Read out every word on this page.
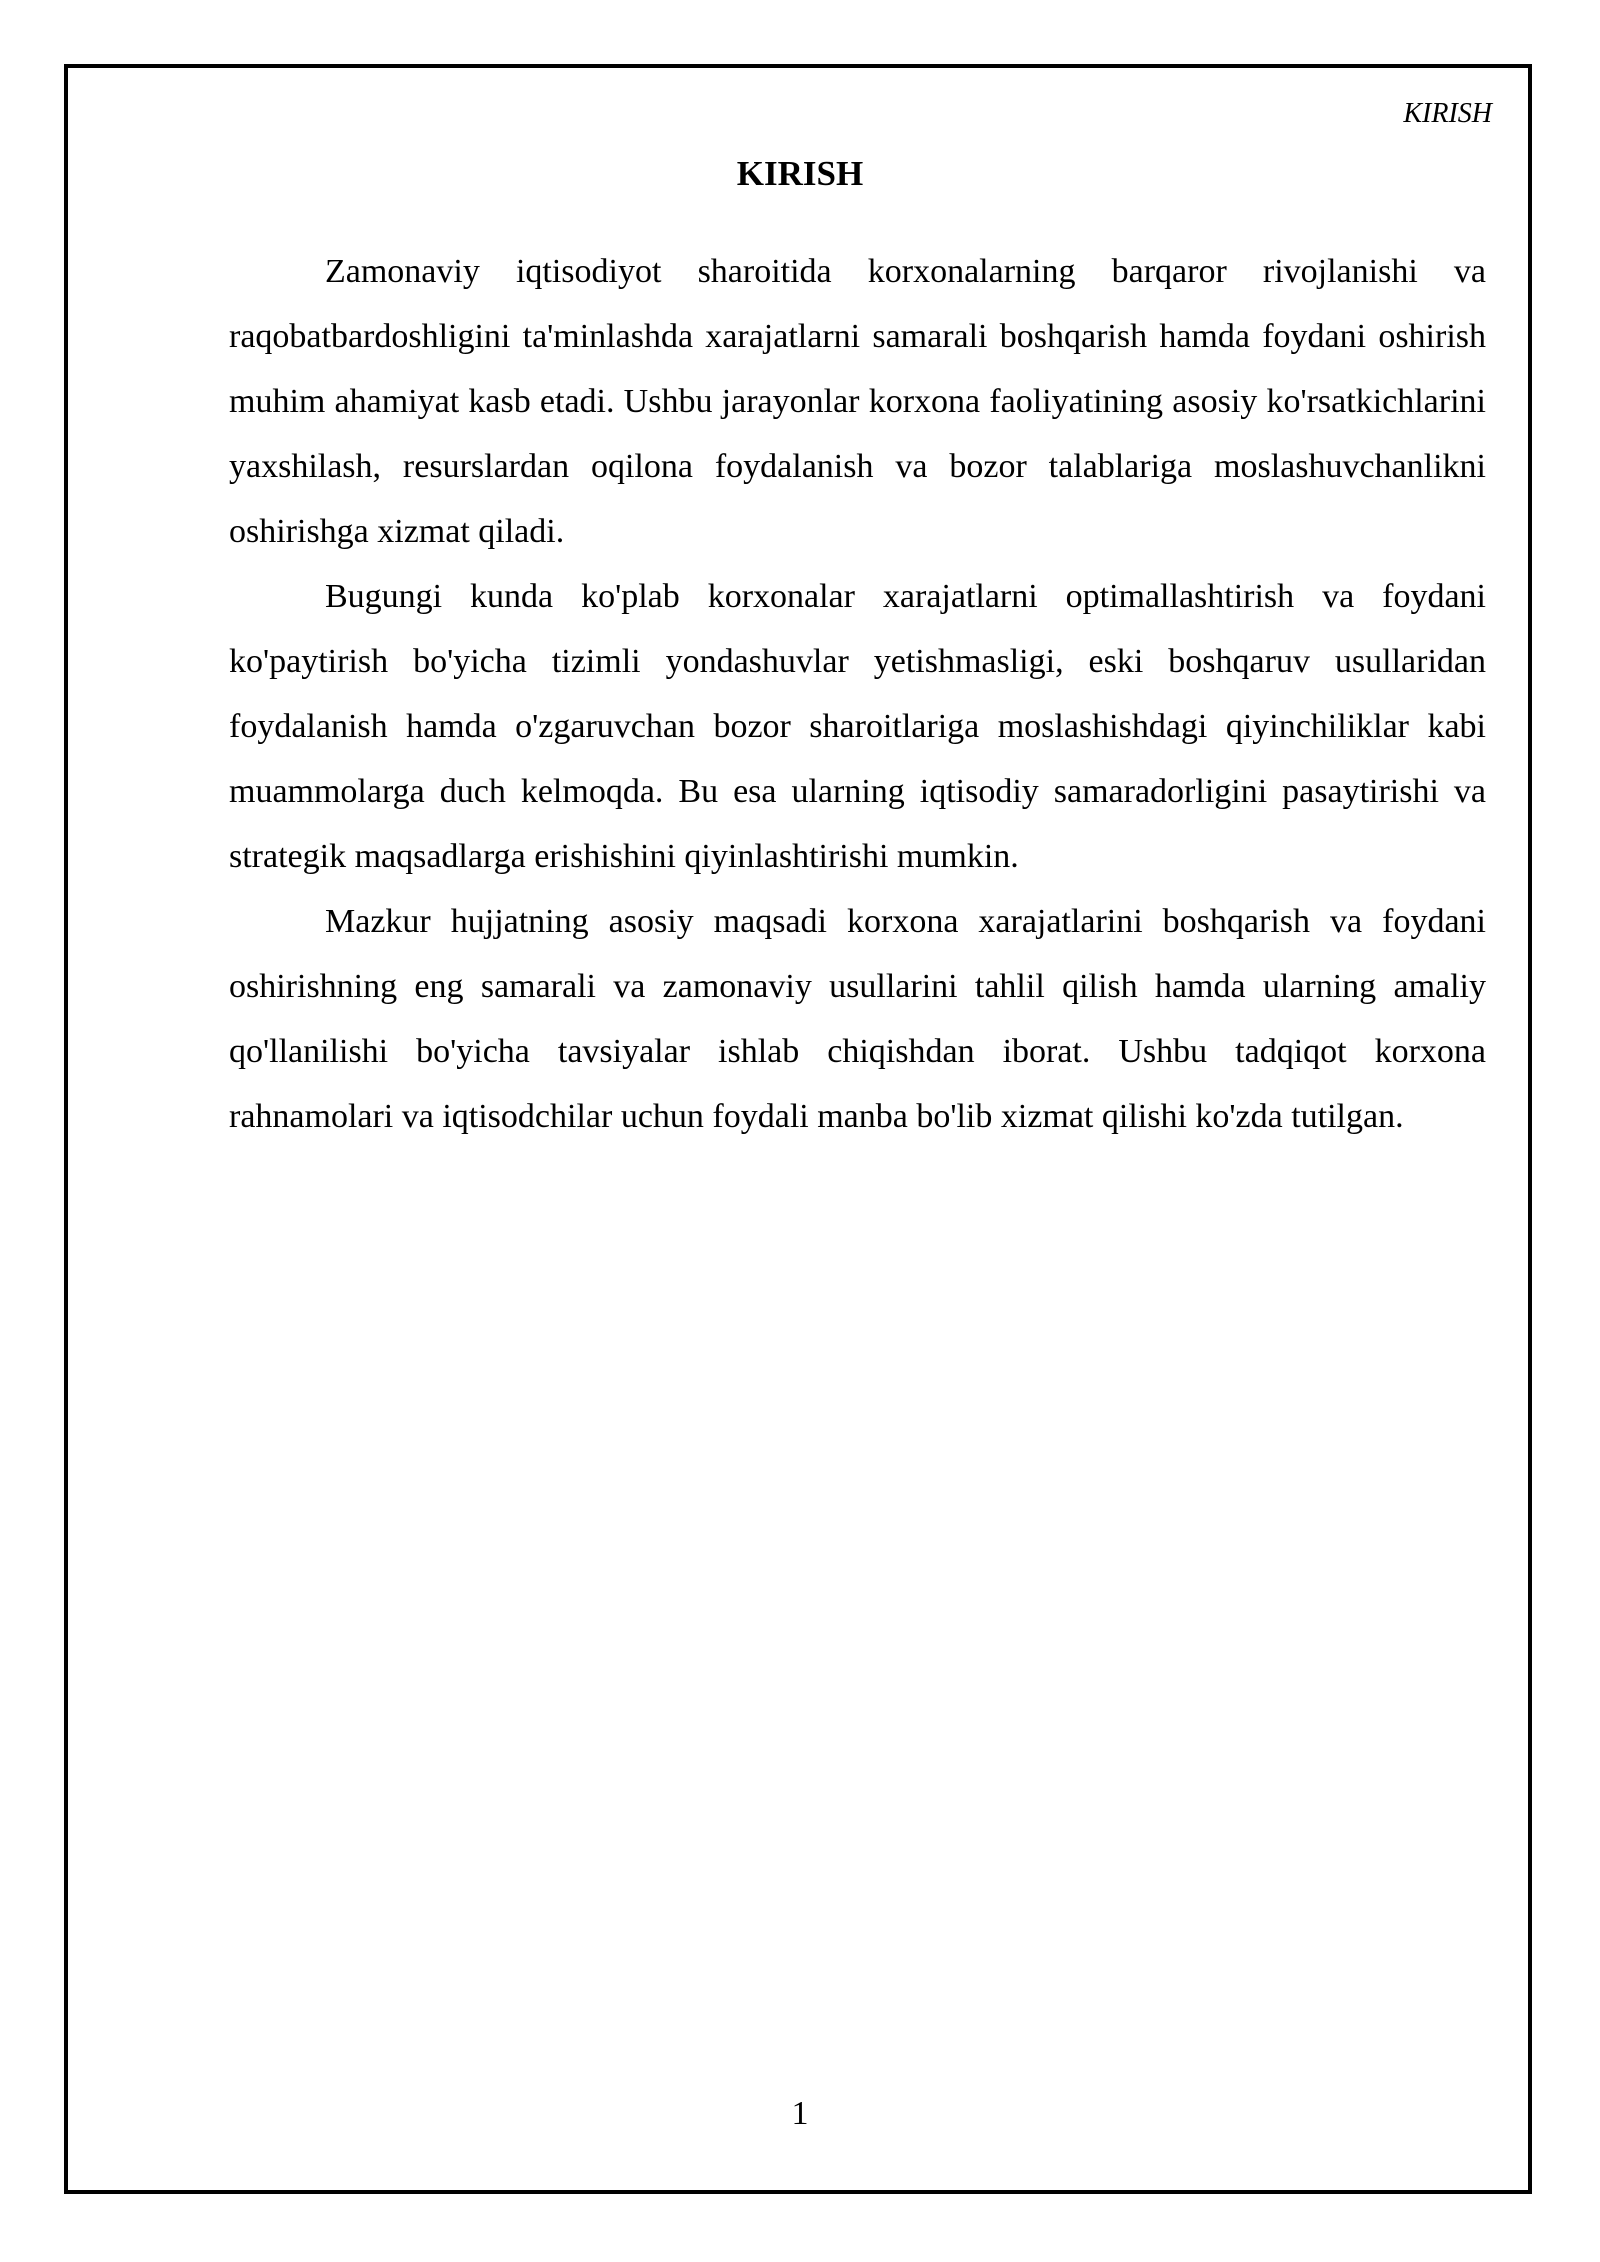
KIRISH
KIRISH

Zamonaviy iqtisodiyot sharoitida korxonalarning barqaror rivojlanishi va raqobatbardoshligini ta'minlashda xarajatlarni samarali boshqarish hamda foydani oshirish muhim ahamiyat kasb etadi. Ushbu jarayonlar korxona faoliyatining asosiy ko'rsatkichlarini yaxshilash, resurslardan oqilona foydalanish va bozor talablariga moslashuvchanlikni oshirishga xizmat qiladi.

Bugungi kunda ko'plab korxonalar xarajatlarni optimallashtirish va foydani ko'paytirish bo'yicha tizimli yondashuvlar yetishmasligi, eski boshqaruv usullaridan foydalanish hamda o'zgaruvchan bozor sharoitlariga moslashishdagi qiyinchiliklar kabi muammolarga duch kelmoqda. Bu esa ularning iqtisodiy samaradorligini pasaytirishi va strategik maqsadlarga erishishini qiyinlashtirishi mumkin.

Mazkur hujjatning asosiy maqsadi korxona xarajatlarini boshqarish va foydani oshirishning eng samarali va zamonaviy usullarini tahlil qilish hamda ularning amaliy qo'llanilishi bo'yicha tavsiyalar ishlab chiqishdan iborat. Ushbu tadqiqot korxona rahnamolari va iqtisodchilar uchun foydali manba bo'lib xizmat qilishi ko'zda tutilgan.

1
